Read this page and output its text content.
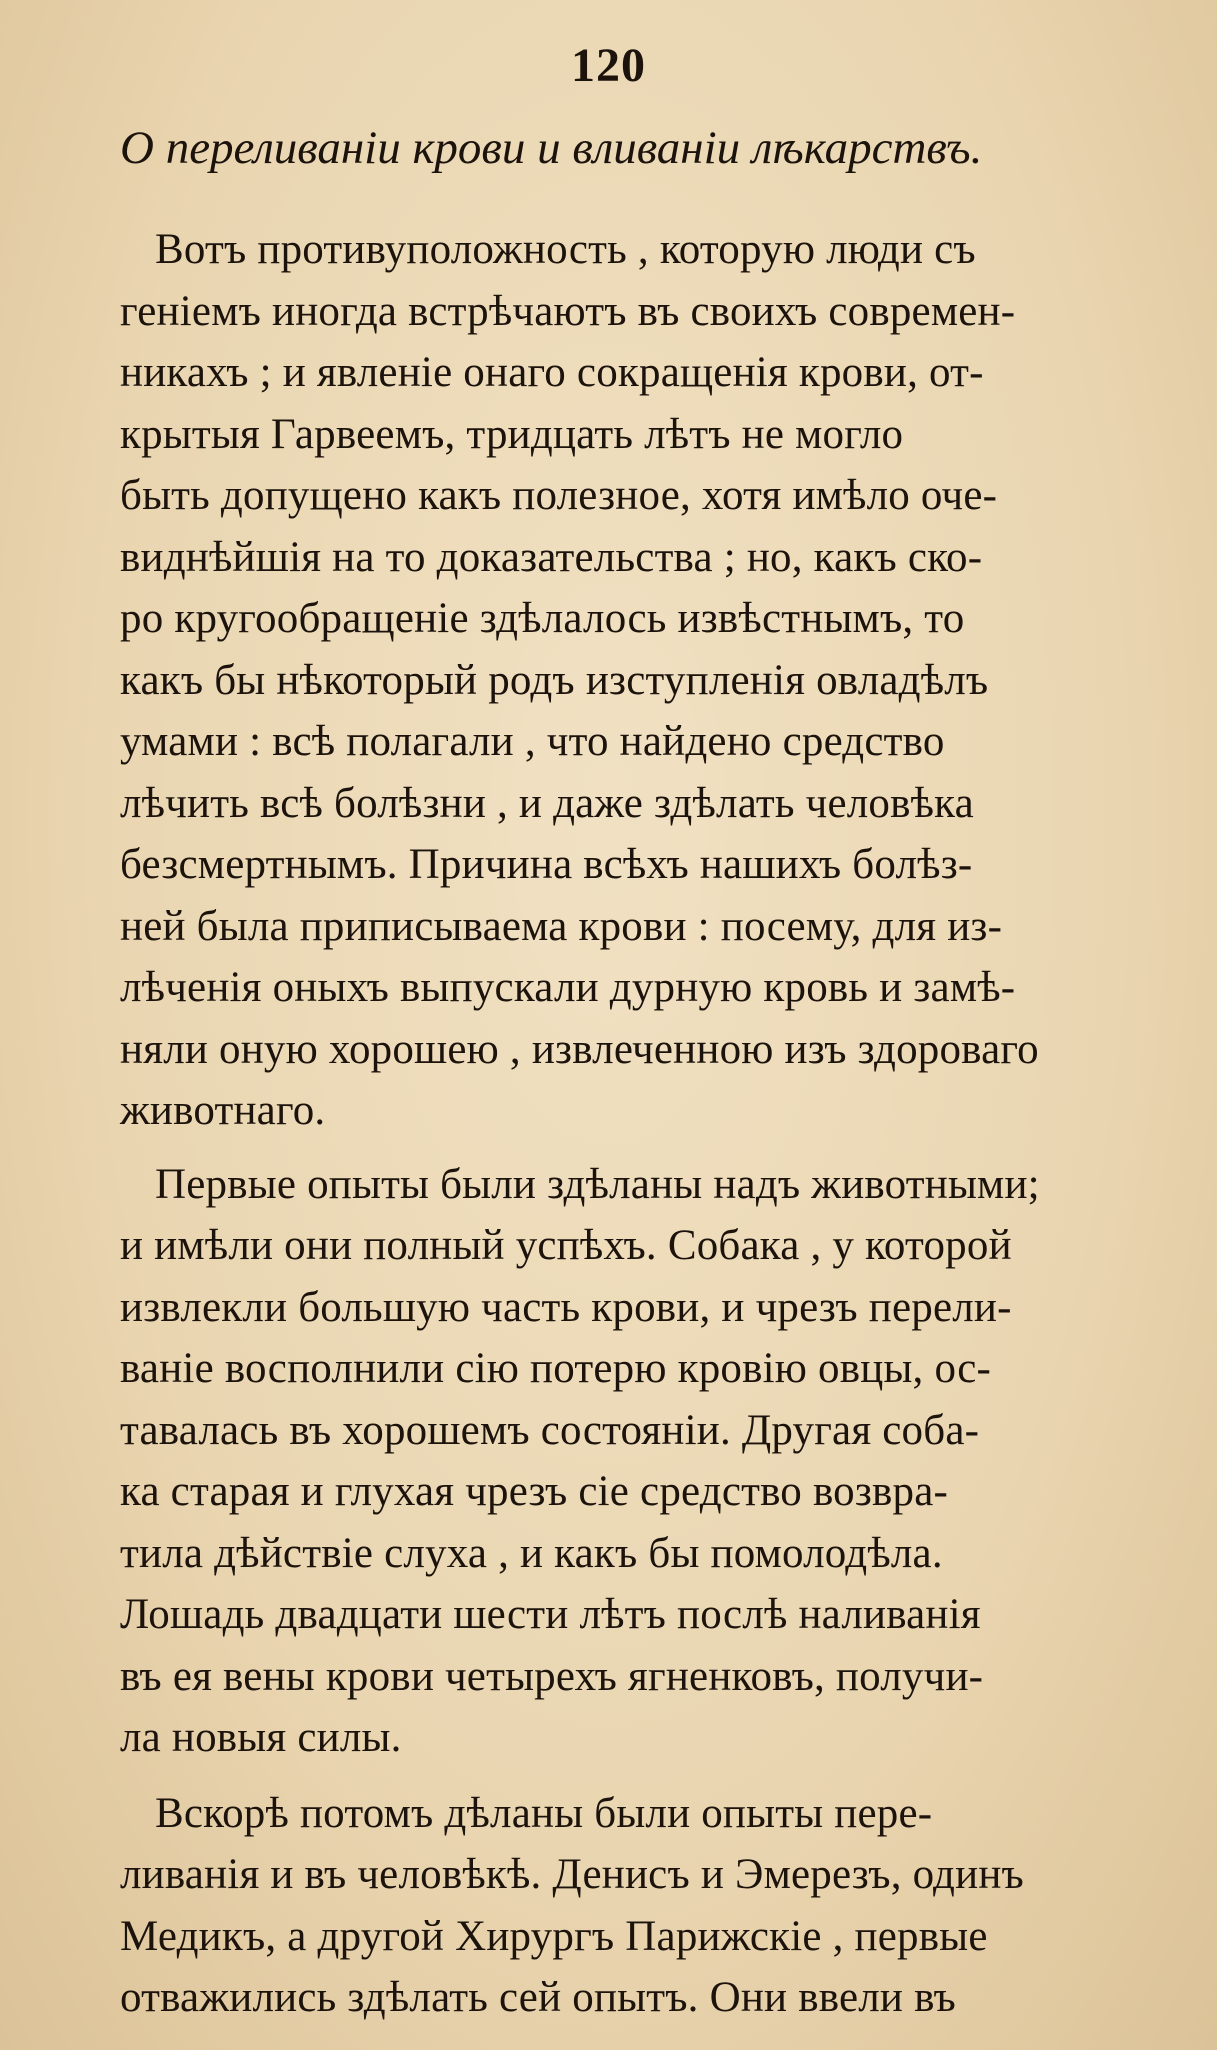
120
О переливаніи крови и вливаніи лѣкарствъ.
Вотъ противуположность , которую люди съ
геніемъ иногда встрѣчаютъ въ своихъ современ-
никахъ ; и явленіе онаго сокращенія крови, от-
крытыя Гарвеемъ, тридцать лѣтъ не могло
быть допущено какъ полезное, хотя имѣло оче-
виднѣйшія на то доказательства ; но, какъ ско-
ро кругообращеніе здѣлалось извѣстнымъ, то
какъ бы нѣкоторый родъ изступленія овладѣлъ
умами : всѣ полагали , что найдено средство
лѣчить всѣ болѣзни , и даже здѣлать человѣка
безсмертнымъ. Причина всѣхъ нашихъ болѣз-
ней была приписываема крови : посему, для из-
лѣченія оныхъ выпускали дурную кровь и замѣ-
няли оную хорошею , извлеченною изъ здороваго
животнаго.
Первые опыты были здѣланы надъ животными;
и имѣли они полный успѣхъ. Собака , у которой
извлекли большую часть крови, и чрезъ перели-
ваніе восполнили сію потерю кровію овцы, ос-
тавалась въ хорошемъ состояніи. Другая соба-
ка старая и глухая чрезъ сіе средство возвра-
тила дѣйствіе слуха , и какъ бы помолодѣла.
Лошадь двадцати шести лѣтъ послѣ наливанія
въ ея вены крови четырехъ ягненковъ, получи-
ла новыя силы.
Вскорѣ потомъ дѣланы были опыты пере-
ливанія и въ человѣкѣ. Денисъ и Эмерезъ, одинъ
Медикъ, а другой Хирургъ Парижскіе , первые
отважились здѣлать сей опытъ. Они ввели въ
